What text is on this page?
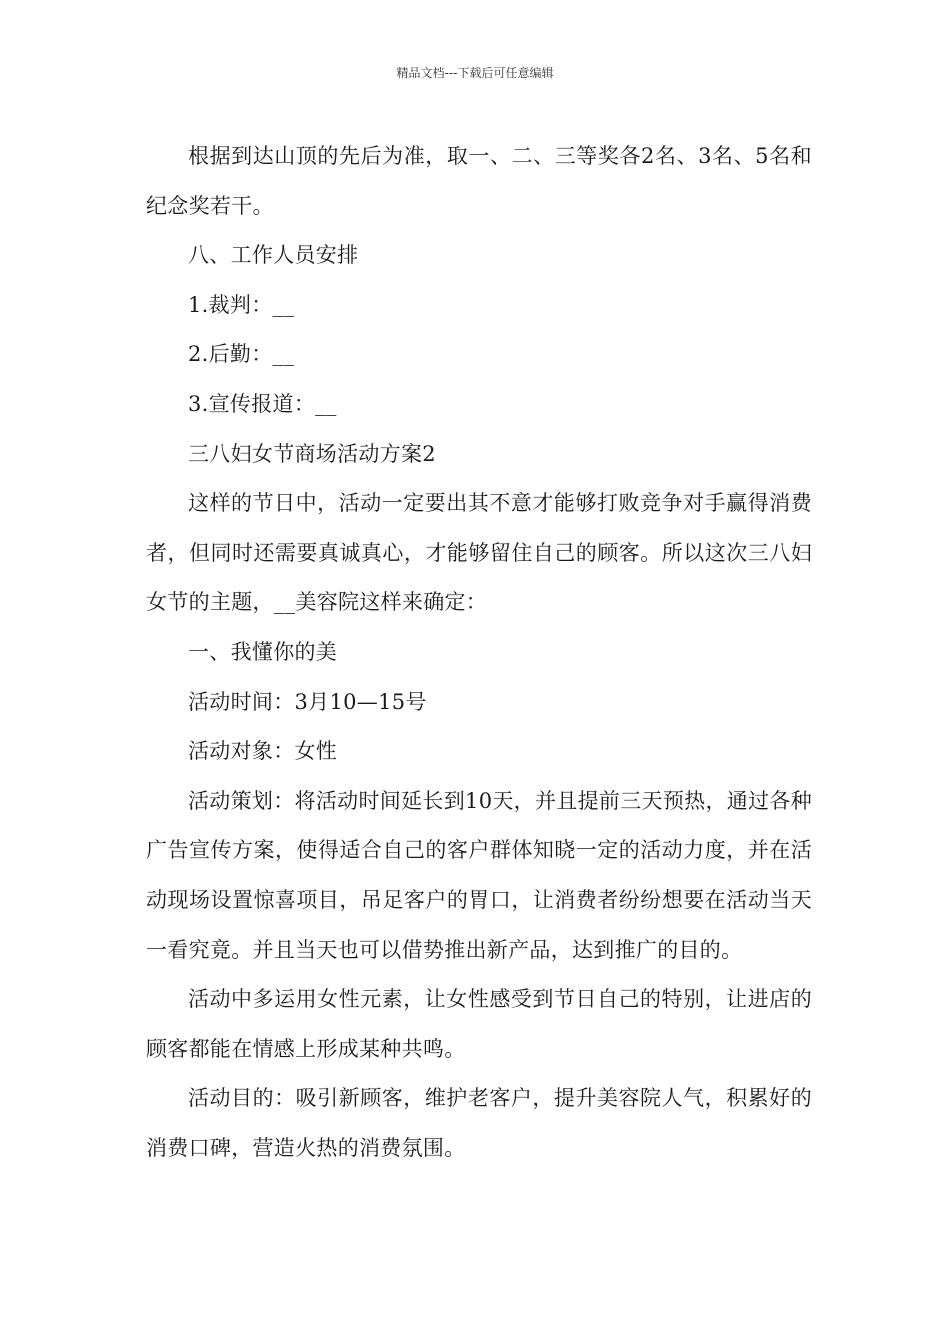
精品文档---下载后可任意编辑

根据到达山顶的先后为准，取一、二、三等奖各2名、3名、5名和纪念奖若干。

八、工作人员安排

1.裁判：__

2.后勤：__

3.宣传报道：__

三八妇女节商场活动方案2

这样的节日中，活动一定要出其不意才能够打败竞争对手赢得消费者，但同时还需要真诚真心，才能够留住自己的顾客。所以这次三八妇女节的主题，__美容院这样来确定：

一、我懂你的美

活动时间：3月10—15号

活动对象：女性

活动策划：将活动时间延长到10天，并且提前三天预热，通过各种广告宣传方案，使得适合自己的客户群体知晓一定的活动力度，并在活动现场设置惊喜项目，吊足客户的胃口，让消费者纷纷想要在活动当天一看究竟。并且当天也可以借势推出新产品，达到推广的目的。

活动中多运用女性元素，让女性感受到节日自己的特别，让进店的顾客都能在情感上形成某种共鸣。

活动目的：吸引新顾客，维护老客户，提升美容院人气，积累好的消费口碑，营造火热的消费氛围。
